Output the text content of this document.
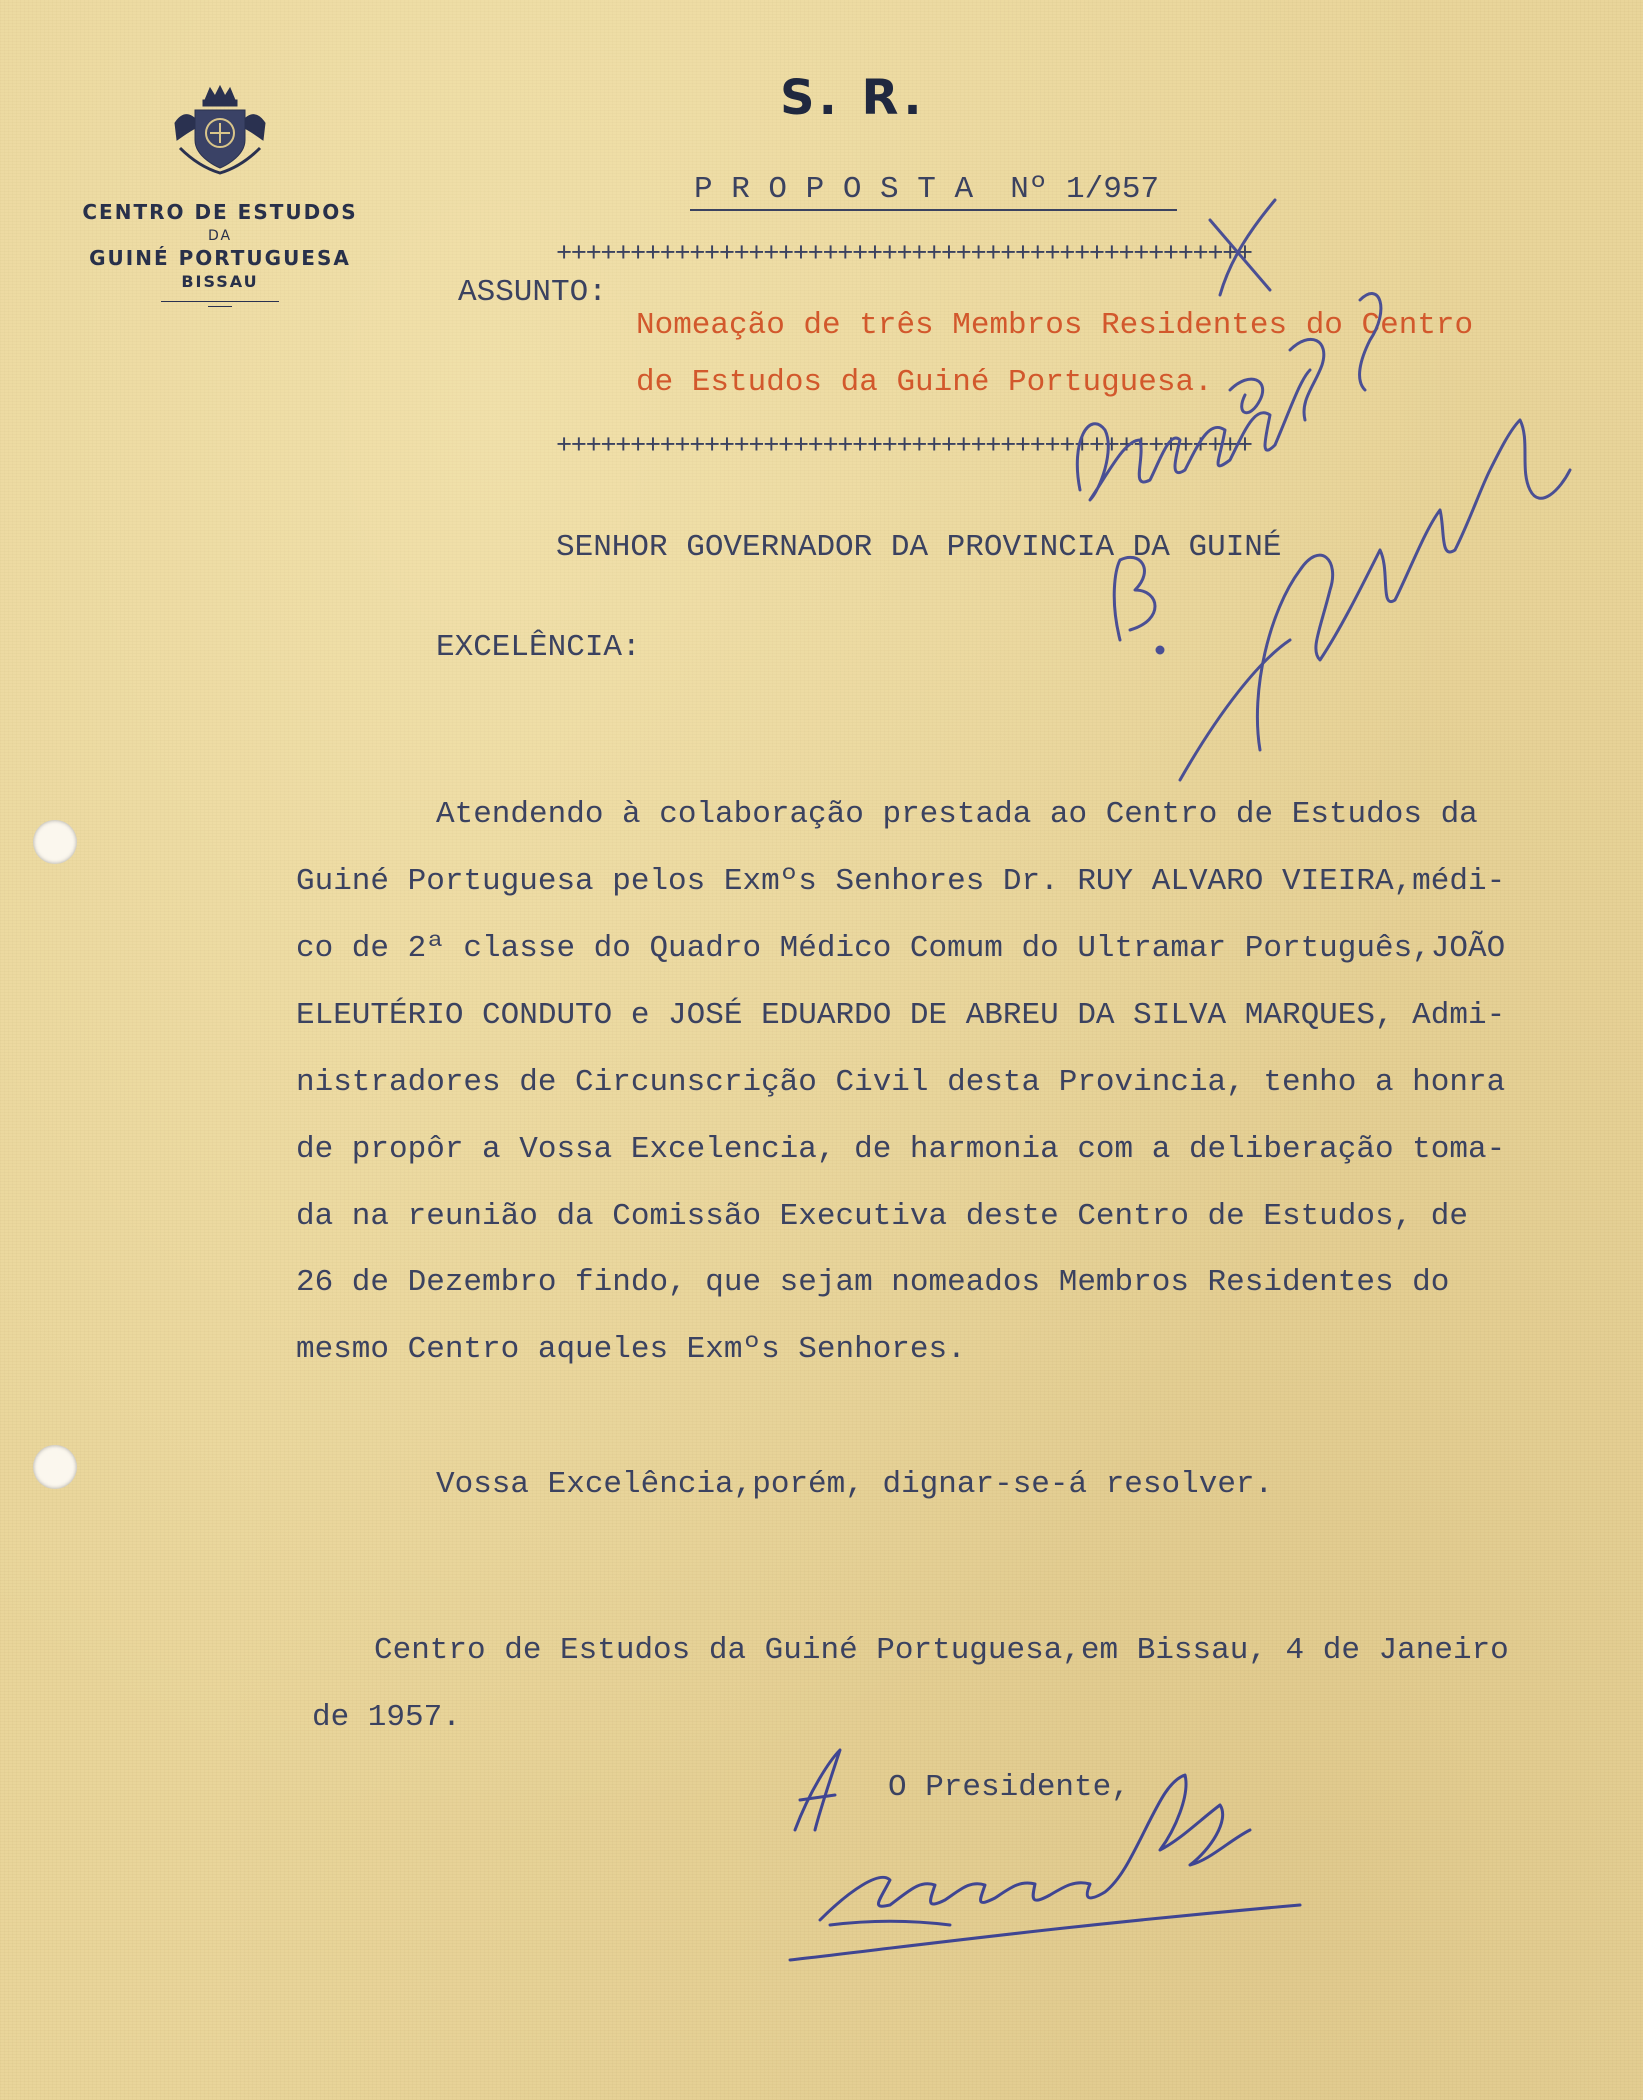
CENTRO DE ESTUDOS
DA
GUINÉ PORTUGUESA
BISSAU
S. R.
P R O P O S T A  Nº 1/957
+++++++++++++++++++++++++++++++++++++++++++++++
+++++++++++++++++++++++++++++++++++++++++++++++
ASSUNTO:
Nomeação de três Membros Residentes do Centro
de Estudos da Guiné Portuguesa.
SENHOR GOVERNADOR DA PROVINCIA DA GUINÉ
EXCELÊNCIA:
Atendendo à colaboração prestada ao Centro de Estudos da
Guiné Portuguesa pelos Exmºs Senhores Dr. RUY ALVARO VIEIRA,médi-
co de 2ª classe do Quadro Médico Comum do Ultramar Português,JOÃO
ELEUTÉRIO CONDUTO e JOSÉ EDUARDO DE ABREU DA SILVA MARQUES, Admi-
nistradores de Circunscrição Civil desta Provincia, tenho a honra
de propôr a Vossa Excelencia, de harmonia com a deliberação toma-
da na reunião da Comissão Executiva deste Centro de Estudos, de
26 de Dezembro findo, que sejam nomeados Membros Residentes do
mesmo Centro aqueles Exmºs Senhores.
Vossa Excelência,porém, dignar-se-á resolver.
Centro de Estudos da Guiné Portuguesa,em Bissau, 4 de Janeiro
de 1957.
O Presidente,
